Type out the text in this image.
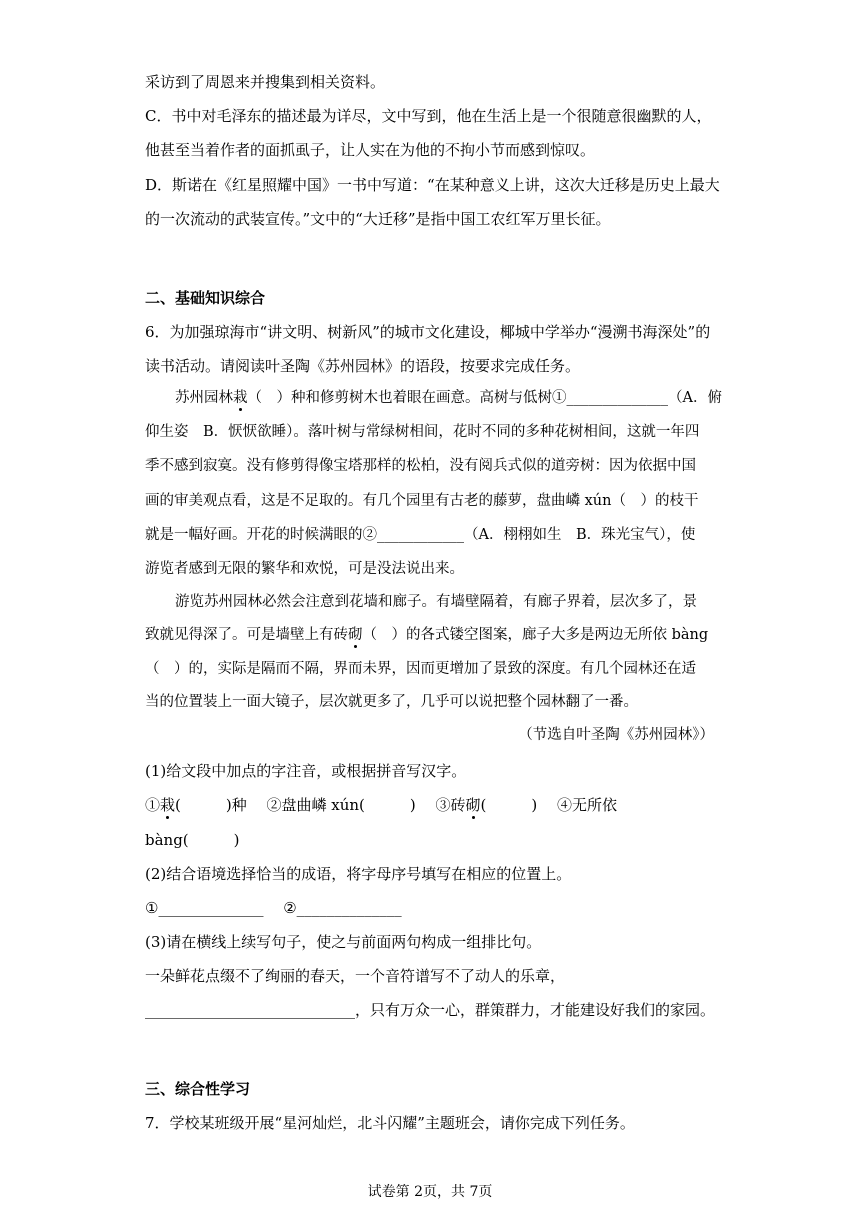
采访到了周恩来并搜集到相关资料。
C．书中对毛泽东的描述最为详尽，文中写到，他在生活上是一个很随意很幽默的人，
他甚至当着作者的面抓虱子，让人实在为他的不拘小节而感到惊叹。
D．斯诺在《红星照耀中国》一书中写道：“在某种意义上讲，这次大迁移是历史上最大
的一次流动的武装宣传。”文中的“大迁移”是指中国工农红军万里长征。
二、基础知识综合
6．为加强琼海市“讲文明、树新风”的城市文化建设，椰城中学举办“漫溯书海深处”的
读书活动。请阅读叶圣陶《苏州园林》的语段，按要求完成任务。
苏州园林栽（　）种和修剪树木也着眼在画意。高树与低树①______________（A．俯
仰生姿　B．恹恹欲睡）。落叶树与常绿树相间，花时不同的多种花树相间，这就一年四
季不感到寂寞。没有修剪得像宝塔那样的松柏，没有阅兵式似的道旁树：因为依据中国
画的审美观点看，这是不足取的。有几个园里有古老的藤萝，盘曲嶙 xún（　）的枝干
就是一幅好画。开花的时候满眼的②____________（A．栩栩如生　B．珠光宝气），使
游览者感到无限的繁华和欢悦，可是没法说出来。
游览苏州园林必然会注意到花墙和廊子。有墙壁隔着，有廊子界着，层次多了，景
致就见得深了。可是墙壁上有砖砌（　）的各式镂空图案，廊子大多是两边无所依 bàng
（　）的，实际是隔而不隔，界而未界，因而更增加了景致的深度。有几个园林还在适
当的位置装上一面大镜子，层次就更多了，几乎可以说把整个园林翻了一番。
（节选自叶圣陶《苏州园林》）
(1)给文段中加点的字注音，或根据拼音写汉字。
①栽(　　　)种　 ②盘曲嶙 xún(　　　)　 ③砖砌(　　　)　 ④无所依
bàng(　　　)
(2)结合语境选择恰当的成语，将字母序号填写在相应的位置上。
①______________　 ②______________
(3)请在横线上续写句子，使之与前面两句构成一组排比句。
一朵鲜花点缀不了绚丽的春天，一个音符谱写不了动人的乐章，
____________________________，只有万众一心，群策群力，才能建设好我们的家园。
三、综合性学习
7．学校某班级开展“星河灿烂，北斗闪耀”主题班会，请你完成下列任务。
试卷第 2页，共 7页
